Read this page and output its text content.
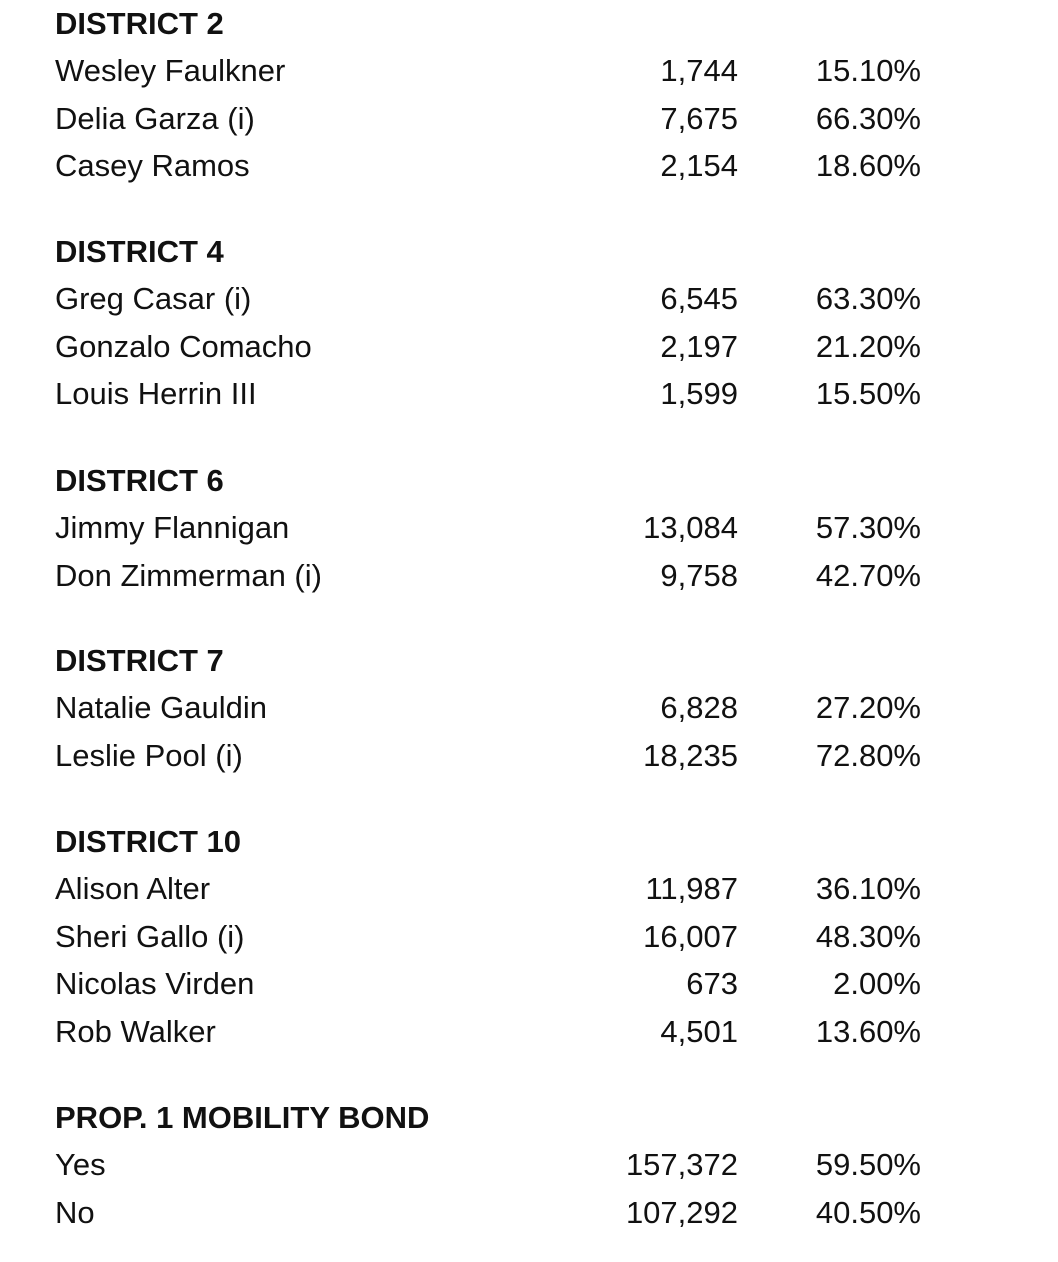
DISTRICT 2
Wesley Faulkner	1,744	15.10%
Delia Garza (i)	7,675	66.30%
Casey Ramos	2,154	18.60%
DISTRICT 4
Greg Casar (i)	6,545	63.30%
Gonzalo Comacho	2,197	21.20%
Louis Herrin III	1,599	15.50%
DISTRICT 6
Jimmy Flannigan	13,084	57.30%
Don Zimmerman (i)	9,758	42.70%
DISTRICT 7
Natalie Gauldin	6,828	27.20%
Leslie Pool (i)	18,235	72.80%
DISTRICT 10
Alison Alter	11,987	36.10%
Sheri Gallo (i)	16,007	48.30%
Nicolas Virden	673	2.00%
Rob Walker	4,501	13.60%
PROP. 1 MOBILITY BOND
Yes	157,372	59.50%
No	107,292	40.50%
